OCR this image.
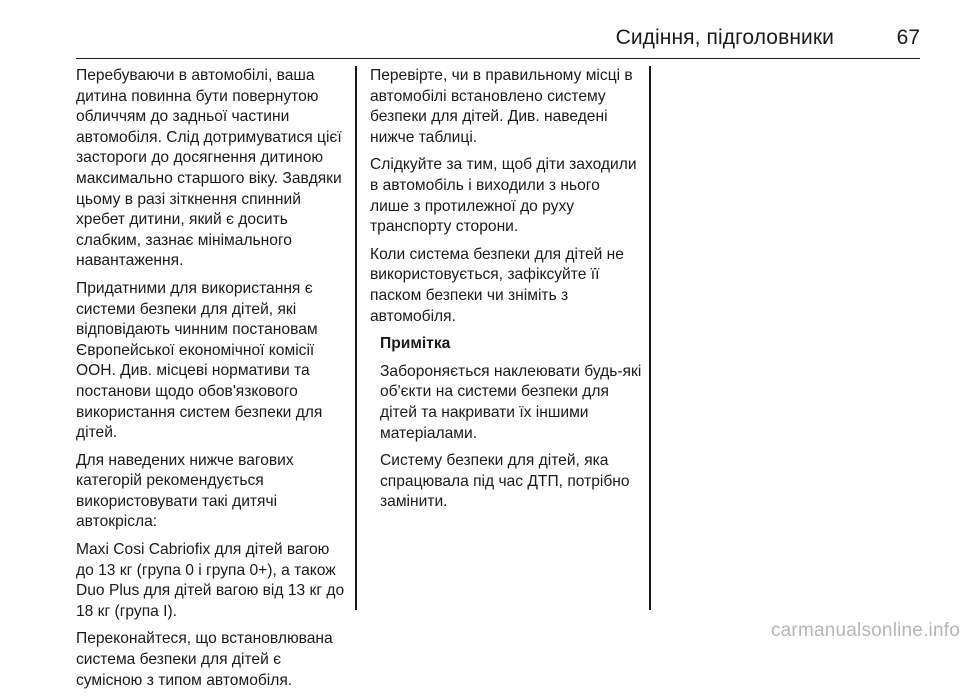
Сидіння, підголовники	67

Перебуваючи в автомобілі, ваша дитина повинна бути повернутою обличчям до задньої частини автомобіля. Слід дотримуватися цієї застороги до досягнення дитиною максимально старшого віку. Завдяки цьому в разі зіткнення спинний хребет дитини, який є досить слабким, зазнає мінімального навантаження.

Придатними для використання є системи безпеки для дітей, які відповідають чинним постановам Європейської економічної комісії ООН. Див. місцеві нормативи та постанови щодо обов'язкового використання систем безпеки для дітей.

Для наведених нижче вагових категорій рекомендується використовувати такі дитячі автокрісла:

Maxi Cosi Cabriofix для дітей вагою до 13 кг (група 0 і група 0+), а також Duo Plus для дітей вагою від 13 кг до 18 кг (група I).

Переконайтеся, що встановлювана система безпеки для дітей є сумісною з типом автомобіля.

Перевірте, чи в правильному місці в автомобілі встановлено систему безпеки для дітей. Див. наведені нижче таблиці.

Слідкуйте за тим, щоб діти заходили в автомобіль і виходили з нього лише з протилежної до руху транспорту сторони.

Коли система безпеки для дітей не використовується, зафіксуйте її паском безпеки чи зніміть з автомобіля.

Примітка

Забороняється наклеювати будь-які об'єкти на системи безпеки для дітей та накривати їх іншими матеріалами.

Систему безпеки для дітей, яка спрацювала під час ДТП, потрібно замінити.

carmanualsonline.info
